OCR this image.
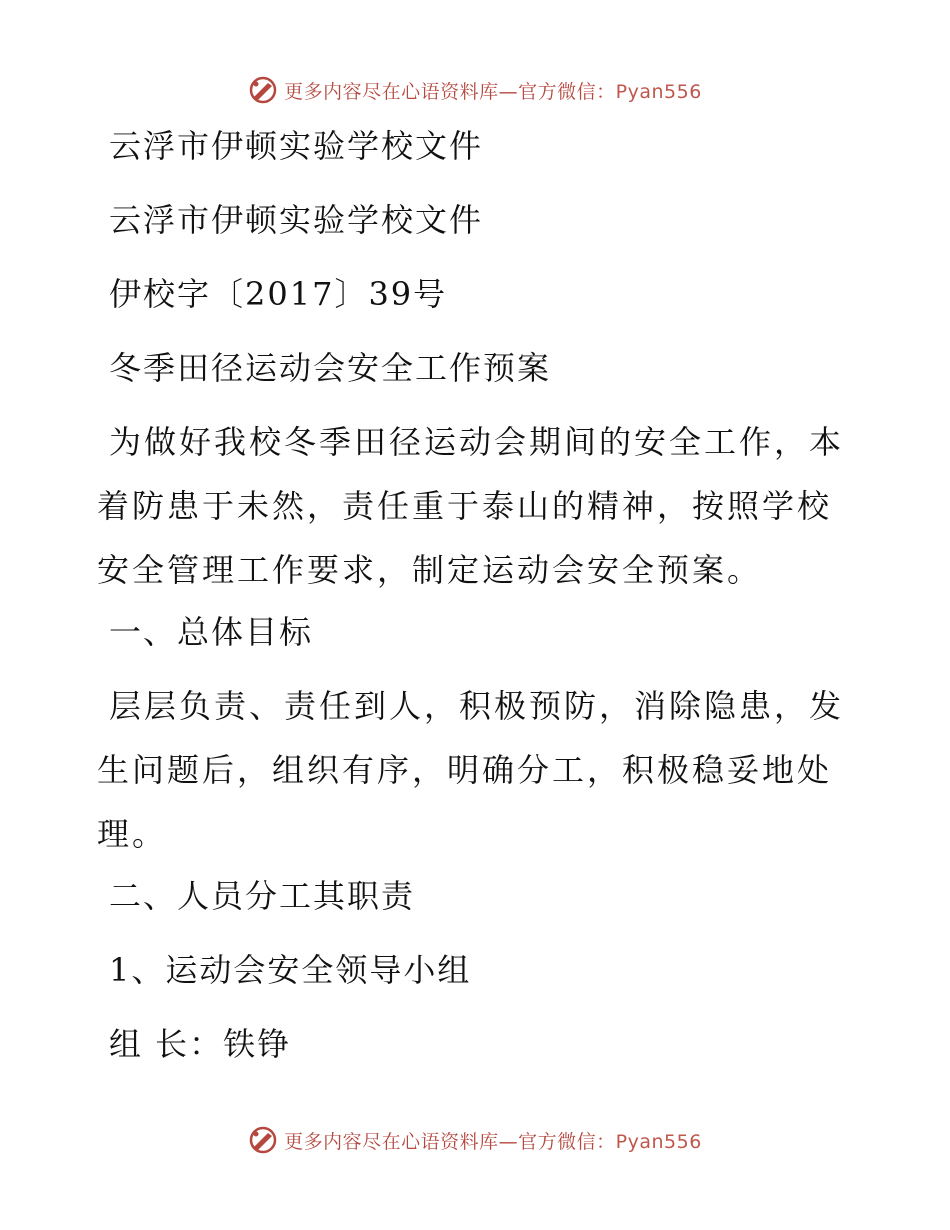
更多内容尽在心语资料库—官方微信：Pyan556
云浮市伊顿实验学校文件
云浮市伊顿实验学校文件
伊校字〔2017〕39号
冬季田径运动会安全工作预案
为做好我校冬季田径运动会期间的安全工作，本着防患于未然，责任重于泰山的精神，按照学校安全管理工作要求，制定运动会安全预案。
一、总体目标
层层负责、责任到人，积极预防，消除隐患，发生问题后，组织有序，明确分工，积极稳妥地处理。
二、人员分工其职责
1、运动会安全领导小组
组 长：铁铮
更多内容尽在心语资料库—官方微信：Pyan556
